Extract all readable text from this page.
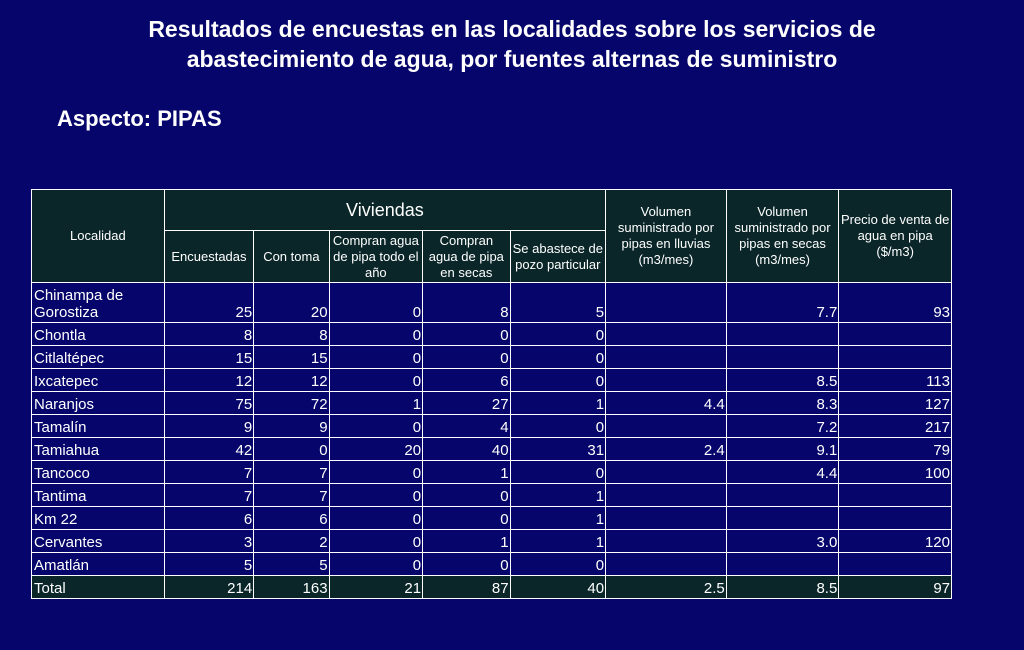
Resultados de encuestas en las localidades sobre los servicios de
abastecimiento de agua, por fuentes alternas de suministro
Aspecto: PIPAS
Localidad	Viviendas					Volumen suministrado por pipas en lluvias (m3/mes)	Volumen suministrado por pipas en secas (m3/mes)	Precio de venta de agua en pipa ($/m3)
	Encuestadas	Con toma	Compran agua de pipa todo el año	Compran agua de pipa en secas	Se abastece de pozo particular			
Chinampa de Gorostiza	25	20	0	8	5		7.7	93
Chontla	8	8	0	0	0			
Citlaltépec	15	15	0	0	0			
Ixcatepec	12	12	0	6	0		8.5	113
Naranjos	75	72	1	27	1	4.4	8.3	127
Tamalín	9	9	0	4	0		7.2	217
Tamiahua	42	0	20	40	31	2.4	9.1	79
Tancoco	7	7	0	1	0		4.4	100
Tantima	7	7	0	0	1			
Km 22	6	6	0	0	1			
Cervantes	3	2	0	1	1		3.0	120
Amatlán	5	5	0	0	0			
Total	214	163	21	87	40	2.5	8.5	97
